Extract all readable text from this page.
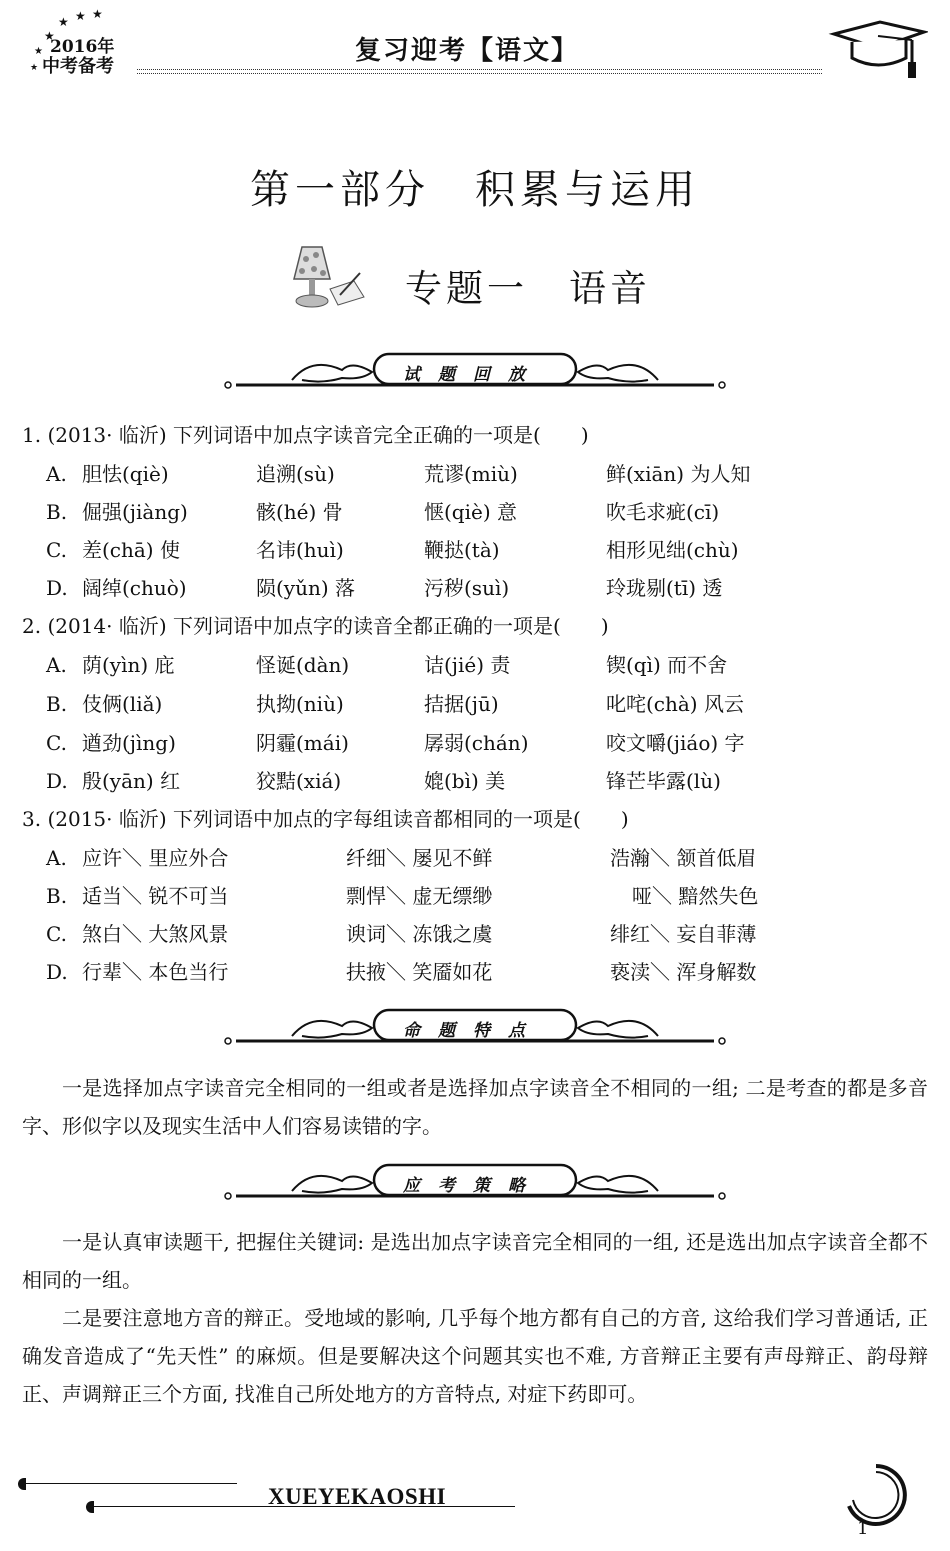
★ ★ ★
★
★
★
2016年
中考备考
复习迎考【语文】
第一部分　积累与运用
专题一　语音
试题回放
1. (2013· 临沂) 下列词语中加点字读音完全正确的一项是(　　)
A. 胆怯(qiè)	追溯(sù)	荒谬(miù)	鲜(xiān) 为人知
B. 倔强(jiàng)	骸(hé) 骨	惬(qiè) 意	吹毛求疵(cī)
C. 差(chā) 使	名讳(huì)	鞭挞(tà)	相形见绌(chù)
D. 阔绰(chuò)	陨(yǔn) 落	污秽(suì)	玲珑剔(tī) 透
2. (2014· 临沂) 下列词语中加点字的读音全都正确的一项是(　　)
A. 荫(yìn) 庇	怪诞(dàn)	诘(jié) 责	锲(qì) 而不舍
B. 伎俩(liǎ)	执拗(niù)	拮据(jū)	叱咤(chà) 风云
C. 遒劲(jìng)	阴霾(mái)	孱弱(chán)	咬文嚼(jiáo) 字
D. 殷(yān) 红	狡黠(xiá)	媲(bì) 美	锋芒毕露(lù)
3. (2015· 临沂) 下列词语中加点的字每组读音都相同的一项是(　　)
A. 应许＼ 里应外合	纤细＼ 屡见不鲜	浩瀚＼ 颔首低眉
B. 适当＼ 锐不可当	剽悍＼ 虚无缥缈	哑＼ 黯然失色
C. 煞白＼ 大煞风景	谀词＼ 冻饿之虞	绯红＼ 妄自菲薄
D. 行辈＼ 本色当行	扶掖＼ 笑靥如花	亵渎＼ 浑身解数
命题特点

一是选择加点字读音完全相同的一组或者是选择加点字读音全不相同的一组; 二是考查的都是多音字、形似字以及现实生活中人们容易读错的字。

应考策略

一是认真审读题干, 把握住关键词: 是选出加点字读音完全相同的一组, 还是选出加点字读音全都不相同的一组。

二是要注意地方音的辩正。受地域的影响, 几乎每个地方都有自己的方音, 这给我们学习普通话, 正确发音造成了“先天性” 的麻烦。但是要解决这个问题其实也不难, 方音辩正主要有声母辩正、韵母辩正、声调辩正三个方面, 找准自己所处地方的方音特点, 对症下药即可。

XUEYEKAOSHI
1
